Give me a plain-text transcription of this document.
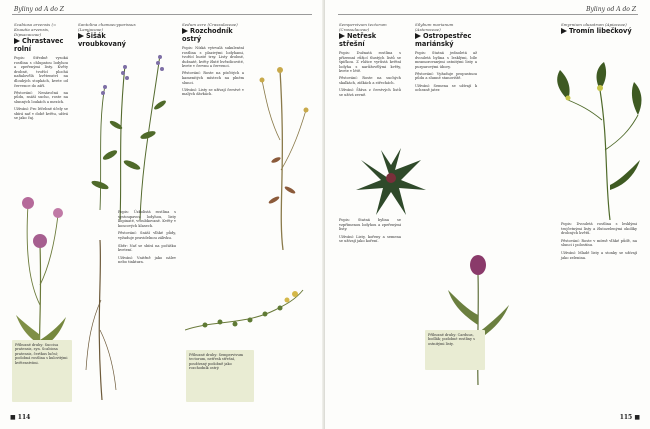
Byliny od A do Z
Scabiosa arvensis (= Knautia arvensis, Dipsacaceae)
Chrastavec rolní

Popis: Středně vysoká rostlina s chlupatou lodyhou a zpeřenými listy. Květy drobné, tvořící plochá nafialovělá květenství na dlouhých stopkách, kvete od července do září.

Pěstování: Nenáročná na půdu, snáší sucho, roste na slunných loukách a mezích.

Užívání: Pro léčebné účely se sbírá nať v době květu, užívá se jako čaj.

Příbuzné druhy: Succisa pratensis, syn. Scabiosa pratensis, čertkus luční; podobná rostlina s kulovitými květenstvími.
Santolina chamaecyparissus (Lamiaceae)
Šišák vroubkovaný

Popis: Úzkolistá rostlina s vystoupavou lodyhou, listy kopinaté, vroubkované. Květy v koncových klasech.

Pěstování: Snáší vlhké půdy, vyžaduje pravidelnou zálivku.

Sběr: Nať se sbírá na počátku kvetení.

Užívání: Vnitřně jako nálev nebo tinktura.

Sedum acre (Crassulaceae)
Rozchodník ostrý

Popis: Nízká vytrvalá sukulentní rostlina s plazivými lodyhami, tvořící husté trsy. Listy drobné, dužnaté, květy žluté hvězdicovité, kvete v červnu a červenci.

Pěstování: Roste na písčitých a kamenitých místech na plném slunci.

Užívání: Listy se užívají čerstvé v malých dávkách.

Příbuzné druhy: Sempervivum tectorum, netřesk střešní, používaný podobně jako rozchodník ostrý.
■ 114
Byliny od A do Z
Sempervivum tectorum (Crassulaceae)
Netřesk střešní

Popis: Dužnatá rostlina s přízemní růžicí tlustých listů se špičkou. Z růžice vyrůstá květní lodyha s narůžovělými květy, kvete v létě.

Pěstování: Roste na suchých skalkách, zídkách a střechách.

Užívání: Šťáva z čerstvých listů se užívá zevně.

Popis: Statná bylina se vzpřímenou lodyhou a zpeřenými listy.

Užívání: Listy, kořeny a semena se užívají jako koření.

Silybum marianum (Asteraceae)
Ostropestřec mariánský

Popis: Statná jednoletá až dvouletá bylina s lesklými, bíle mramorovanými ostnitými listy a purpurovými úbory.

Pěstování: Vyžaduje propustnou půdu a slunné stanoviště.

Užívání: Semena se užívají k ochraně jater.

Příbuzné druhy: Carduus, bodlák; podobné rostliny s ostnitými listy.
Smyrnium olusatrum (Apiaceae)
Tromín libečkový

Popis: Dvouletá rostlina s lesklými trojčetnými listy a žlutozelenými okolíky drobných květů.

Pěstování: Roste v mírně vlhké půdě, na slunci i polostínu.

Užívání: Mladé listy a stonky se užívají jako zelenina.

115 ■
